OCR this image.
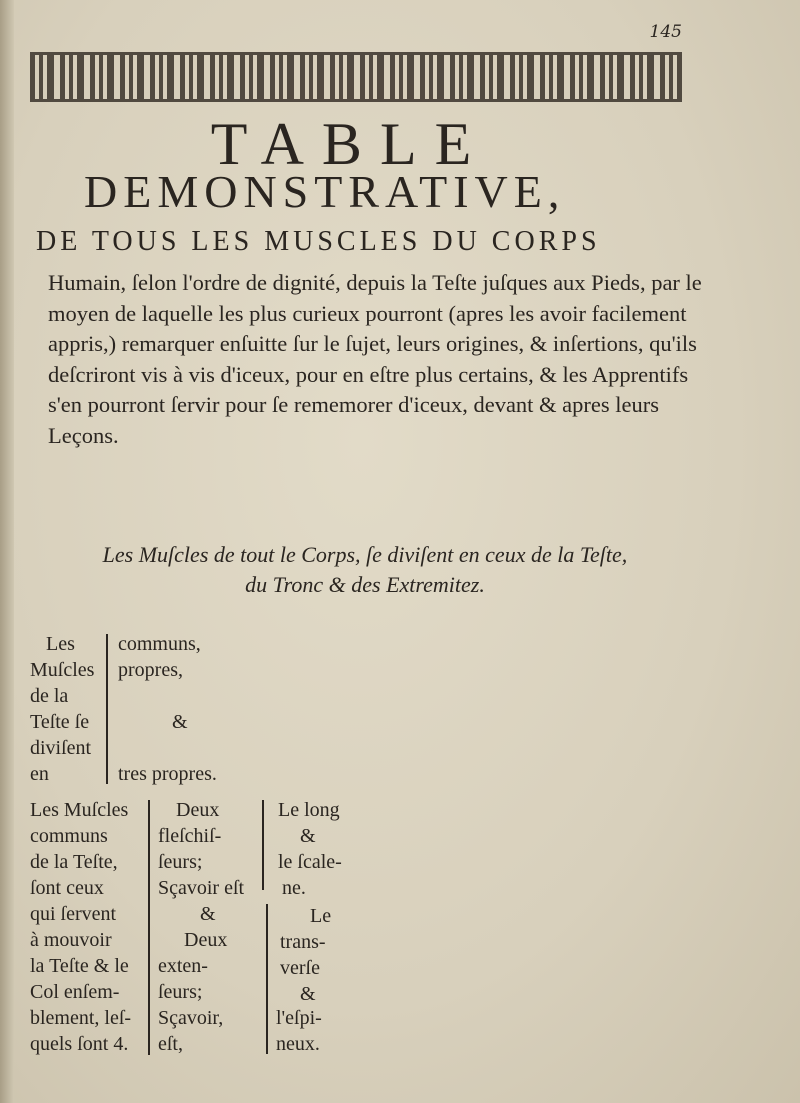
145
TABLE
DEMONSTRATIVE,
DE TOUS LES MUSCLES DU CORPS
Humain, ſelon l'ordre de dignité, depuis la Teſte juſques aux Pieds, par le moyen de laquelle les plus curieux pourront (apres les avoir facilement appris,) remarquer enſuitte ſur le ſujet, leurs origines, & inſertions, qu'ils deſcriront vis à vis d'iceux, pour en eſtre plus certains, & les Apprentifs s'en pourront ſervir pour ſe rememorer d'iceux, devant & apres leurs Leçons.
Les Muſcles de tout le Corps, ſe diviſent en ceux de la Teſte,
du Tronc & des Extremitez.
Les
Muſcles
de la
Teſte ſe
diviſent
en
communs,
propres,
&
tres propres.
Les Muſcles
communs
de la Teſte,
ſont ceux
qui ſervent
à mouvoir
la Teſte & le
Col enſem-
blement, leſ-
quels ſont 4.
Deux
fleſchiſ-
ſeurs;
Sçavoir eſt
&
Deux
exten-
ſeurs;
Sçavoir,
eſt,
Le long
&
le ſcale-
ne.
Le
trans-
verſe
&
l'eſpi-
neux.
